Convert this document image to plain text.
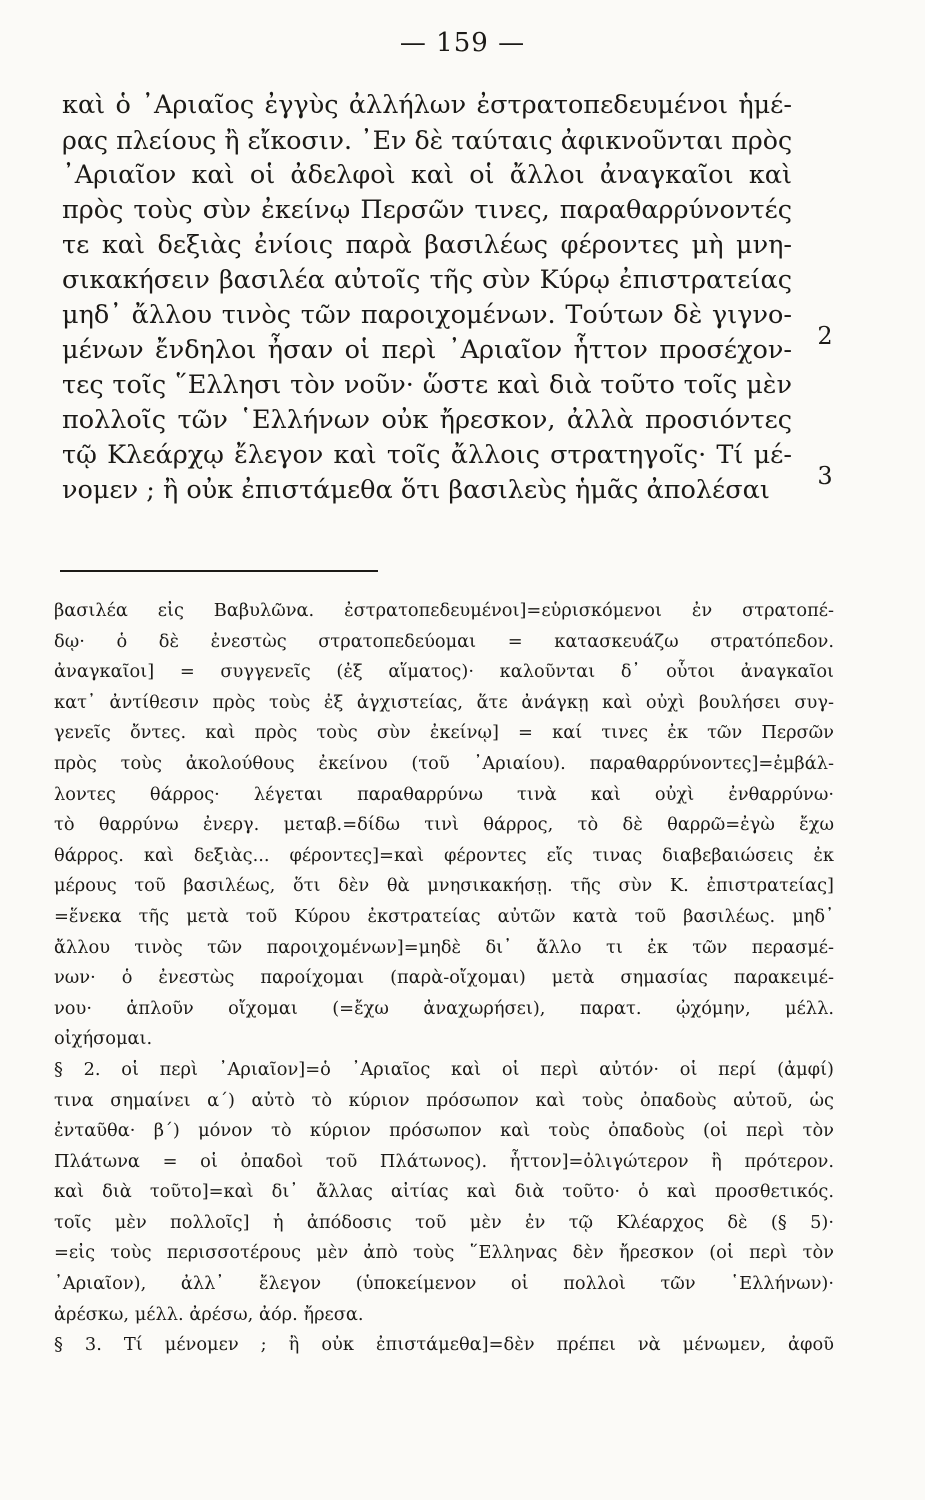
— 159 —
καὶ ὁ ᾿Αριαῖος ἐγγὺς ἀλλήλων ἐστρατοπεδευμένοι ἡμέ-
ρας πλείους ἢ εἴκοσιν. ᾿Εν δὲ ταύταις ἀφικνοῦνται πρὸς
᾿Αριαῖον καὶ οἱ ἀδελφοὶ καὶ οἱ ἄλλοι ἀναγκαῖοι καὶ
πρὸς τοὺς σὺν ἐκείνῳ Περσῶν τινες, παραθαρρύνοντές
τε καὶ δεξιὰς ἐνίοις παρὰ βασιλέως φέροντες μὴ μνη-
σικακήσειν βασιλέα αὐτοῖς τῆς σὺν Κύρῳ ἐπιστρατείας
μηδ᾿ ἄλλου τινὸς τῶν παροιχομένων. Τούτων δὲ γιγνο-
μένων ἔνδηλοι ἦσαν οἱ περὶ ᾿Αριαῖον ἧττον προσέχον-
τες τοῖς ῞Ελλησι τὸν νοῦν· ὥστε καὶ διὰ τοῦτο τοῖς μὲν
πολλοῖς τῶν ῾Ελλήνων οὐκ ἤρεσκον, ἀλλὰ προσιόντες
τῷ Κλεάρχῳ ἔλεγον καὶ τοῖς ἄλλοις στρατηγοῖς· Τί μέ-
νομεν ; ἢ οὐκ ἐπιστάμεθα ὅτι βασιλεὺς ἡμᾶς ἀπολέσαι
2
3
βασιλέα εἰς Βαβυλῶνα. ἐστρατοπεδευμένοι]=εὑρισκόμενοι ἐν στρατοπέ-
δῳ· ὁ δὲ ἐνεστὼς στρατοπεδεύομαι = κατασκευάζω στρατόπεδον.
ἀναγκαῖοι] = συγγενεῖς (ἐξ αἵματος)· καλοῦνται δ᾿ οὗτοι ἀναγκαῖοι
κατ᾿ ἀντίθεσιν πρὸς τοὺς ἐξ ἀγχιστείας, ἅτε ἀνάγκῃ καὶ οὐχὶ βουλήσει συγ-
γενεῖς ὄντες. καὶ πρὸς τοὺς σὺν ἐκείνῳ] = καί τινες ἐκ τῶν Περσῶν
πρὸς τοὺς ἀκολούθους ἐκείνου (τοῦ ᾿Αριαίου). παραθαρρύνοντες]=ἐμβάλ-
λοντες θάρρος· λέγεται παραθαρρύνω τινὰ καὶ οὐχὶ ἐνθαρρύνω·
τὸ θαρρύνω ἐνεργ. μεταβ.=δίδω τινὶ θάρρος, τὸ δὲ θαρρῶ=ἐγὼ ἔχω
θάρρος. καὶ δεξιὰς... φέροντες]=καὶ φέροντες εἴς τινας διαβεβαιώσεις ἐκ
μέρους τοῦ βασιλέως, ὅτι δὲν θὰ μνησικακήσῃ. τῆς σὺν Κ. ἐπιστρατείας]
=ἕνεκα τῆς μετὰ τοῦ Κύρου ἐκστρατείας αὐτῶν κατὰ τοῦ βασιλέως. μηδ᾿
ἄλλου τινὸς τῶν παροιχομένων]=μηδὲ δι᾿ ἄλλο τι ἐκ τῶν περασμέ-
νων· ὁ ἐνεστὼς παροίχομαι (παρὰ-οἴχομαι) μετὰ σημασίας παρακειμέ-
νου· ἁπλοῦν οἴχομαι (=ἔχω ἀναχωρήσει), παρατ. ᾠχόμην, μέλλ.
οἰχήσομαι.
§ 2. οἱ περὶ ᾿Αριαῖον]=ὁ ᾿Αριαῖος καὶ οἱ περὶ αὐτόν· οἱ περί (ἀμφί)
τινα σημαίνει α´) αὐτὸ τὸ κύριον πρόσωπον καὶ τοὺς ὀπαδοὺς αὐτοῦ, ὡς
ἐνταῦθα· β´) μόνον τὸ κύριον πρόσωπον καὶ τοὺς ὀπαδοὺς (οἱ περὶ τὸν
Πλάτωνα = οἱ ὀπαδοὶ τοῦ Πλάτωνος). ἧττον]=ὀλιγώτερον ἢ πρότερον.
καὶ διὰ τοῦτο]=καὶ δι᾿ ἄλλας αἰτίας καὶ διὰ τοῦτο· ὁ καὶ προσθετικός.
τοῖς μὲν πολλοῖς] ἡ ἀπόδοσις τοῦ μὲν ἐν τῷ Κλέαρχος δὲ (§ 5)·
=εἰς τοὺς περισσοτέρους μὲν ἀπὸ τοὺς ῞Ελληνας δὲν ἤρεσκον (οἱ περὶ τὸν
᾿Αριαῖον), ἀλλ᾿ ἔλεγον (ὑποκείμενον οἱ πολλοὶ τῶν ῾Ελλήνων)·
ἀρέσκω, μέλλ. ἀρέσω, ἀόρ. ἤρεσα.
§ 3. Τί μένομεν ; ἢ οὐκ ἐπιστάμεθα]=δὲν πρέπει νὰ μένωμεν, ἀφοῦ
